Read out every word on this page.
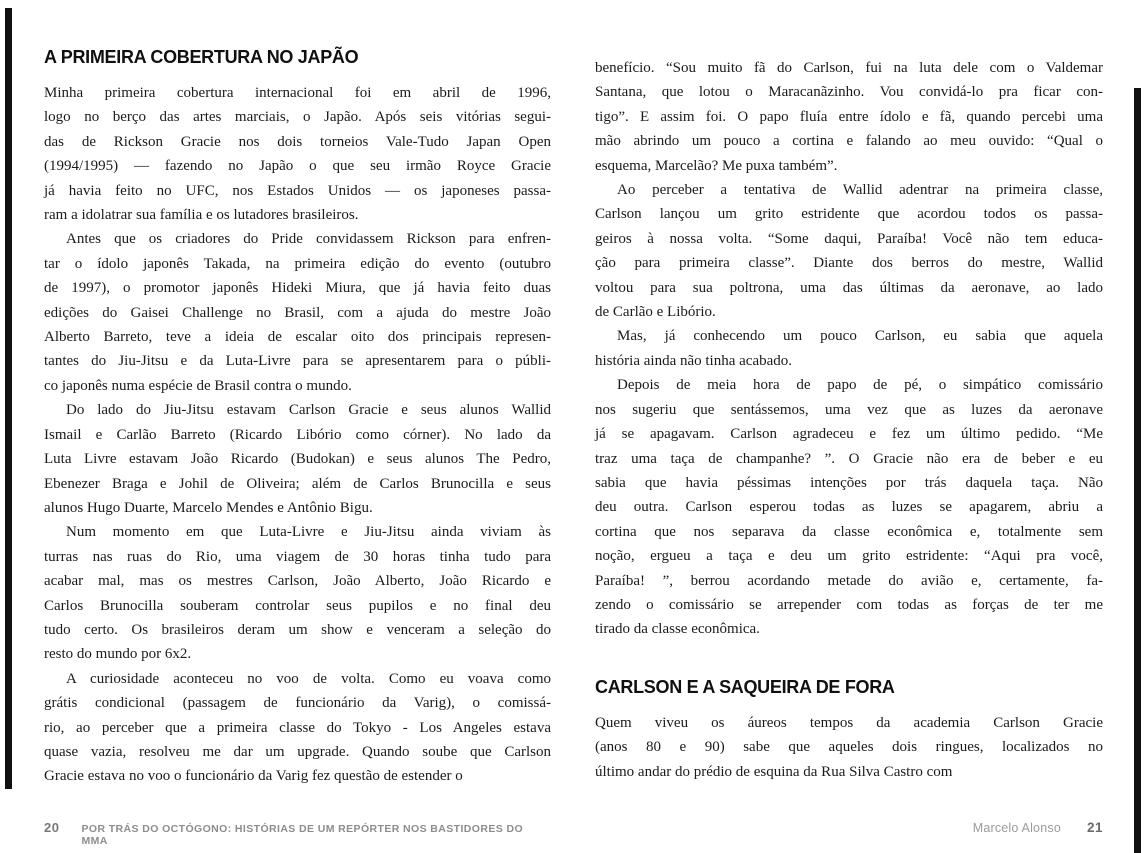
A PRIMEIRA COBERTURA NO JAPÃO
Minha primeira cobertura internacional foi em abril de 1996,
logo no berço das artes marciais, o Japão. Após seis vitórias segui-
das de Rickson Gracie nos dois torneios Vale-Tudo Japan Open
(1994/1995) — fazendo no Japão o que seu irmão Royce Gracie
já havia feito no UFC, nos Estados Unidos — os japoneses passa-
ram a idolatrar sua família e os lutadores brasileiros.
Antes que os criadores do Pride convidassem Rickson para enfren-
tar o ídolo japonês Takada, na primeira edição do evento (outubro
de 1997), o promotor japonês Hideki Miura, que já havia feito duas
edições do Gaisei Challenge no Brasil, com a ajuda do mestre João
Alberto Barreto, teve a ideia de escalar oito dos principais represen-
tantes do Jiu-Jitsu e da Luta-Livre para se apresentarem para o públi-
co japonês numa espécie de Brasil contra o mundo.
Do lado do Jiu-Jitsu estavam Carlson Gracie e seus alunos Wallid
Ismail e Carlão Barreto (Ricardo Libório como córner). No lado da
Luta Livre estavam João Ricardo (Budokan) e seus alunos The Pedro,
Ebenezer Braga e Johil de Oliveira; além de Carlos Brunocilla e seus
alunos Hugo Duarte, Marcelo Mendes e Antônio Bigu.
Num momento em que Luta-Livre e Jiu-Jitsu ainda viviam às
turras nas ruas do Rio, uma viagem de 30 horas tinha tudo para
acabar mal, mas os mestres Carlson, João Alberto, João Ricardo e
Carlos Brunocilla souberam controlar seus pupilos e no final deu
tudo certo. Os brasileiros deram um show e venceram a seleção do
resto do mundo por 6x2.
A curiosidade aconteceu no voo de volta. Como eu voava como
grátis condicional (passagem de funcionário da Varig), o comissá-
rio, ao perceber que a primeira classe do Tokyo - Los Angeles estava
quase vazia, resolveu me dar um upgrade. Quando soube que Carlson
Gracie estava no voo o funcionário da Varig fez questão de estender o
20 POR TRÁS DO OCTÓGONO: HISTÓRIAS DE UM REPÓRTER NOS BASTIDORES DO MMA
benefício. “Sou muito fã do Carlson, fui na luta dele com o Valdemar
Santana, que lotou o Maracanãzinho. Vou convidá-lo pra ficar con-
tigo”. E assim foi. O papo fluía entre ídolo e fã, quando percebi uma
mão abrindo um pouco a cortina e falando ao meu ouvido: “Qual o
esquema, Marcelão? Me puxa também”.
Ao perceber a tentativa de Wallid adentrar na primeira classe,
Carlson lançou um grito estridente que acordou todos os passa-
geiros à nossa volta. “Some daqui, Paraíba! Você não tem educa-
ção para primeira classe”. Diante dos berros do mestre, Wallid
voltou para sua poltrona, uma das últimas da aeronave, ao lado
de Carlão e Libório.
Mas, já conhecendo um pouco Carlson, eu sabia que aquela
história ainda não tinha acabado.
Depois de meia hora de papo de pé, o simpático comissário
nos sugeriu que sentássemos, uma vez que as luzes da aeronave
já se apagavam. Carlson agradeceu e fez um último pedido. “Me
traz uma taça de champanhe? ”. O Gracie não era de beber e eu
sabia que havia péssimas intenções por trás daquela taça. Não
deu outra. Carlson esperou todas as luzes se apagarem, abriu a
cortina que nos separava da classe econômica e, totalmente sem
noção, ergueu a taça e deu um grito estridente: “Aqui pra você,
Paraíba! ”, berrou acordando metade do avião e, certamente, fa-
zendo o comissário se arrepender com todas as forças de ter me
tirado da classe econômica.
CARLSON E A SAQUEIRA DE FORA
Quem viveu os áureos tempos da academia Carlson Gracie
(anos 80 e 90) sabe que aqueles dois ringues, localizados no
último andar do prédio de esquina da Rua Silva Castro com
Marcelo Alonso 21
